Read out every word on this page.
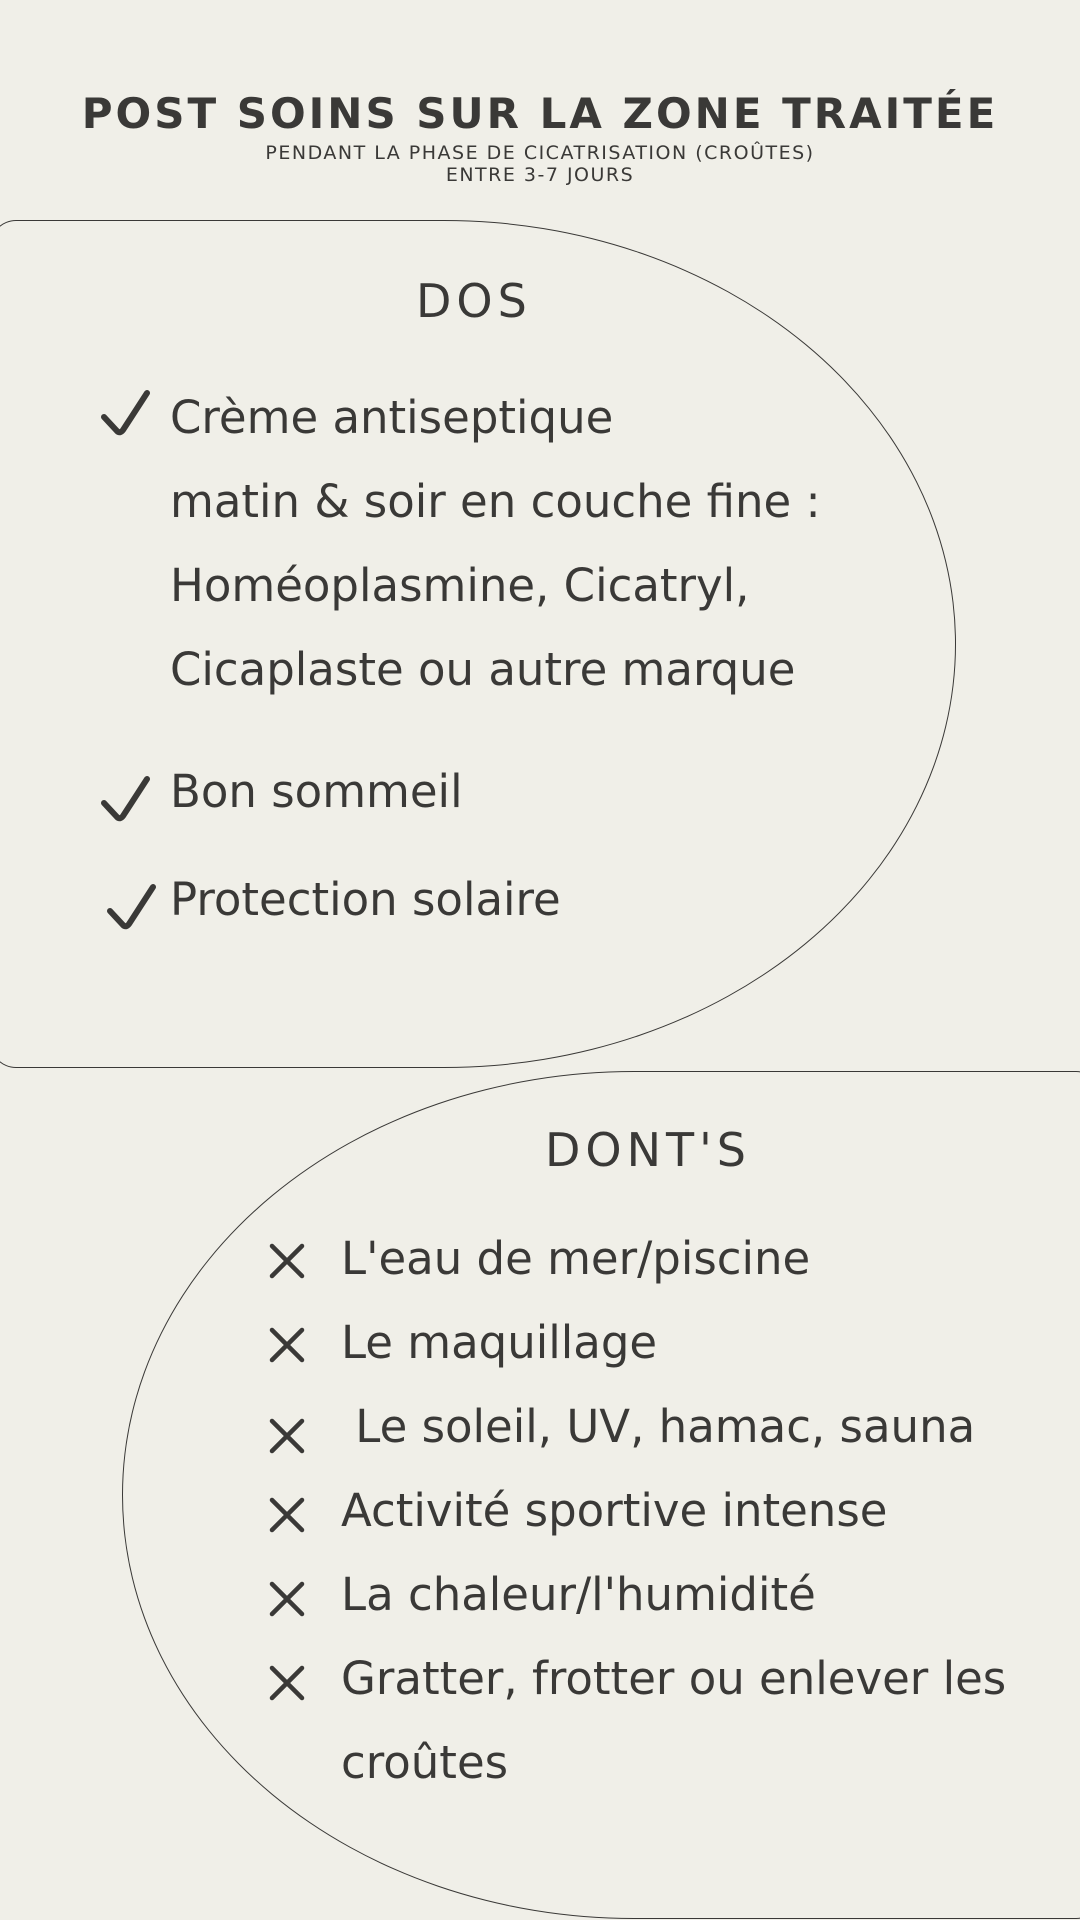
POST SOINS SUR LA ZONE TRAITÉE
PENDANT LA PHASE DE CICATRISATION (CROÛTES)
ENTRE 3-7 JOURS
DOS
Crème antiseptique
matin & soir en couche fine :
Homéoplasmine, Cicatryl,
Cicaplaste ou autre marque
Bon sommeil
Protection solaire
DONT'S
L'eau de mer/piscine
Le maquillage
Le soleil, UV, hamac, sauna
Activité sportive intense
La chaleur/l'humidité
Gratter, frotter ou enlever les
croûtes
